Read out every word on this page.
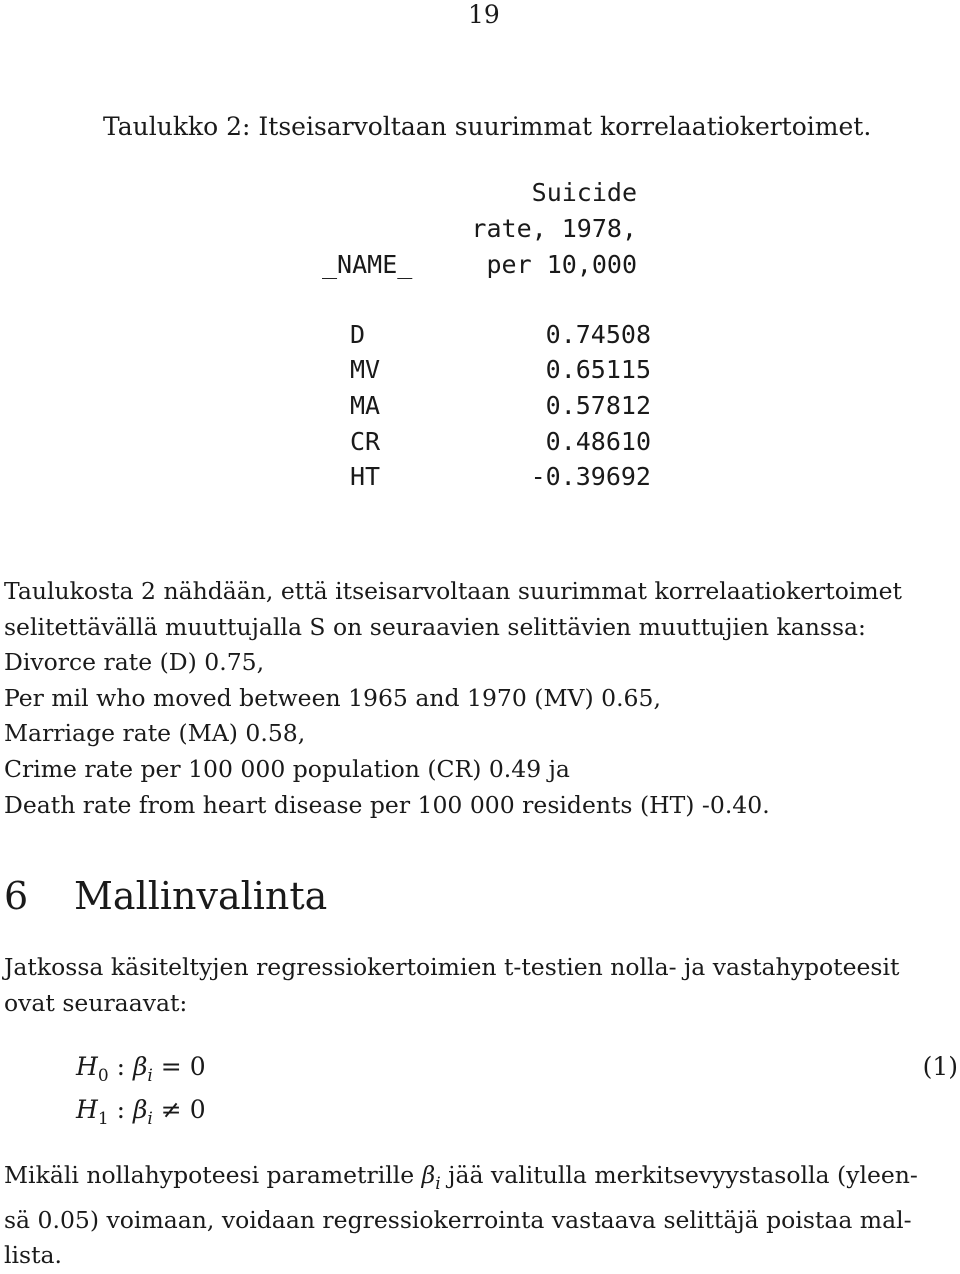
19
Taulukko 2: Itseisarvoltaan suurimmat korrelaatiokertoimet.
Suicide
rate, 1978,
_NAME_	per 10,000
D	0.74508
MV	0.65115
MA	0.57812
CR	0.48610
HT	-0.39692
Taulukosta 2 nähdään, että itseisarvoltaan suurimmat korrelaatiokertoimet
selitettävällä muuttujalla S on seuraavien selittävien muuttujien kanssa:
Divorce rate (D) 0.75,
Per mil who moved between 1965 and 1970 (MV) 0.65,
Marriage rate (MA) 0.58,
Crime rate per 100 000 population (CR) 0.49 ja
Death rate from heart disease per 100 000 residents (HT) -0.40.
6 Mallinvalinta
Jatkossa käsiteltyjen regressiokertoimien t-testien nolla- ja vastahypoteesit
ovat seuraavat:
$H_0$ : $\beta_i = 0$	(1)
$H_1$ : $\beta_i \ne 0$
Mikäli nollahypoteesi parametrille $\beta_i$ jää valitulla merkitsevyystasolla (yleen-
sä 0.05) voimaan, voidaan regressiokerrointa vastaava selittäjä poistaa mal-
lista.
